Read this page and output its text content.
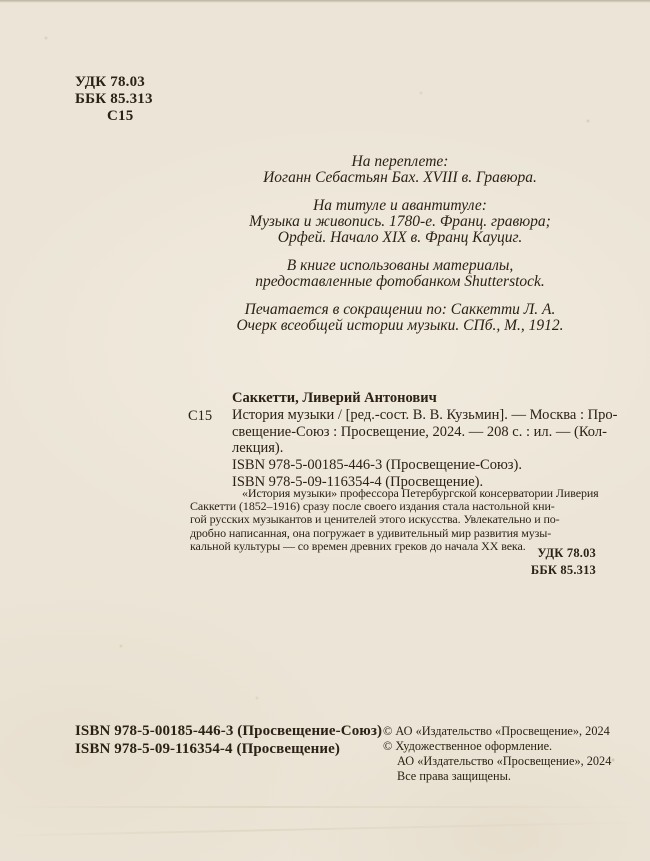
УДК 78.03
ББК 85.313
С15
На переплете:
Иоганн Себастьян Бах. XVIII в. Гравюра.
На титуле и авантитуле:
Музыка и живопись. 1780-е. Франц. гравюра;
Орфей. Начало XIX в. Франц Кауциг.
В книге использованы материалы,
предоставленные фотобанком Shutterstock.
Печатается в сокращении по: Саккетти Л. А.
Очерк всеобщей истории музыки. СПб., М., 1912.
С15
Саккетти, Ливерий Антонович
История музыки / [ред.-сост. В. В. Кузьмин]. — Москва : Про-
свещение-Союз : Просвещение, 2024. — 208 с. : ил. — (Кол-
лекция).
ISBN 978-5-00185-446-3 (Просвещение-Союз).
ISBN 978-5-09-116354-4 (Просвещение).
«История музыки» профессора Петербургской консерватории Ливерия
Саккетти (1852–1916) сразу после своего издания стала настольной кни-
гой русских музыкантов и ценителей этого искусства. Увлекательно и по-
дробно написанная, она погружает в удивительный мир развития музы-
кальной культуры — со времен древних греков до начала XX века.
УДК 78.03
ББК 85.313
ISBN 978-5-00185-446-3 (Просвещение-Союз)
ISBN 978-5-09-116354-4 (Просвещение)
© АО «Издательство «Просвещение», 2024
© Художественное оформление.
АО «Издательство «Просвещение», 2024
Все права защищены.
